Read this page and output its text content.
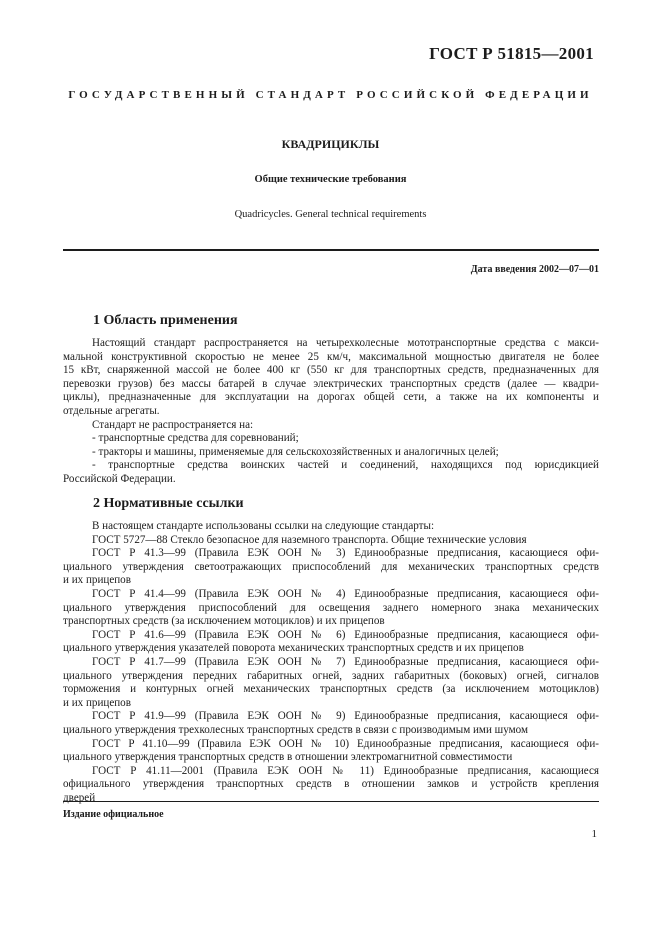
ГОСТ Р 51815—2001
ГОСУДАРСТВЕННЫЙ СТАНДАРТ РОССИЙСКОЙ ФЕДЕРАЦИИ
КВАДРИЦИКЛЫ
Общие технические требования
Quadricycles. General technical requirements
Дата введения 2002—07—01
1 Область применения
Настоящий стандарт распространяется на четырехколесные мототранспортные средства с макси-
мальной конструктивной скоростью не менее 25 км/ч, максимальной мощностью двигателя не более
15 кВт, снаряженной массой не более 400 кг (550 кг для транспортных средств, предназначенных для
перевозки грузов) без массы батарей в случае электрических транспортных средств (далее — квадри-
циклы), предназначенные для эксплуатации на дорогах общей сети, а также на их компоненты и
отдельные агрегаты.
Стандарт не распространяется на:
- транспортные средства для соревнований;
- тракторы и машины, применяемые для сельскохозяйственных и аналогичных целей;
- транспортные средства воинских частей и соединений, находящихся под юрисдикцией
Российской Федерации.
2 Нормативные ссылки
В настоящем стандарте использованы ссылки на следующие стандарты:
ГОСТ 5727—88 Стекло безопасное для наземного транспорта. Общие технические условия
ГОСТ Р 41.3—99 (Правила ЕЭК ООН № 3) Единообразные предписания, касающиеся офи-
циального утверждения светоотражающих приспособлений для механических транспортных средств
и их прицепов
ГОСТ Р 41.4—99 (Правила ЕЭК ООН № 4) Единообразные предписания, касающиеся офи-
циального утверждения приспособлений для освещения заднего номерного знака механических
транспортных средств (за исключением мотоциклов) и их прицепов
ГОСТ Р 41.6—99 (Правила ЕЭК ООН № 6) Единообразные предписания, касающиеся офи-
циального утверждения указателей поворота механических транспортных средств и их прицепов
ГОСТ Р 41.7—99 (Правила ЕЭК ООН № 7) Единообразные предписания, касающиеся офи-
циального утверждения передних габаритных огней, задних габаритных (боковых) огней, сигналов
торможения и контурных огней механических транспортных средств (за исключением мотоциклов)
и их прицепов
ГОСТ Р 41.9—99 (Правила ЕЭК ООН № 9) Единообразные предписания, касающиеся офи-
циального утверждения трехколесных транспортных средств в связи с производимым ими шумом
ГОСТ Р 41.10—99 (Правила ЕЭК ООН № 10) Единообразные предписания, касающиеся офи-
циального утверждения транспортных средств в отношении электромагнитной совместимости
ГОСТ Р 41.11—2001 (Правила ЕЭК ООН № 11) Единообразные предписания, касающиеся
официального утверждения транспортных средств в отношении замков и устройств крепления
дверей
Издание официальное
1
